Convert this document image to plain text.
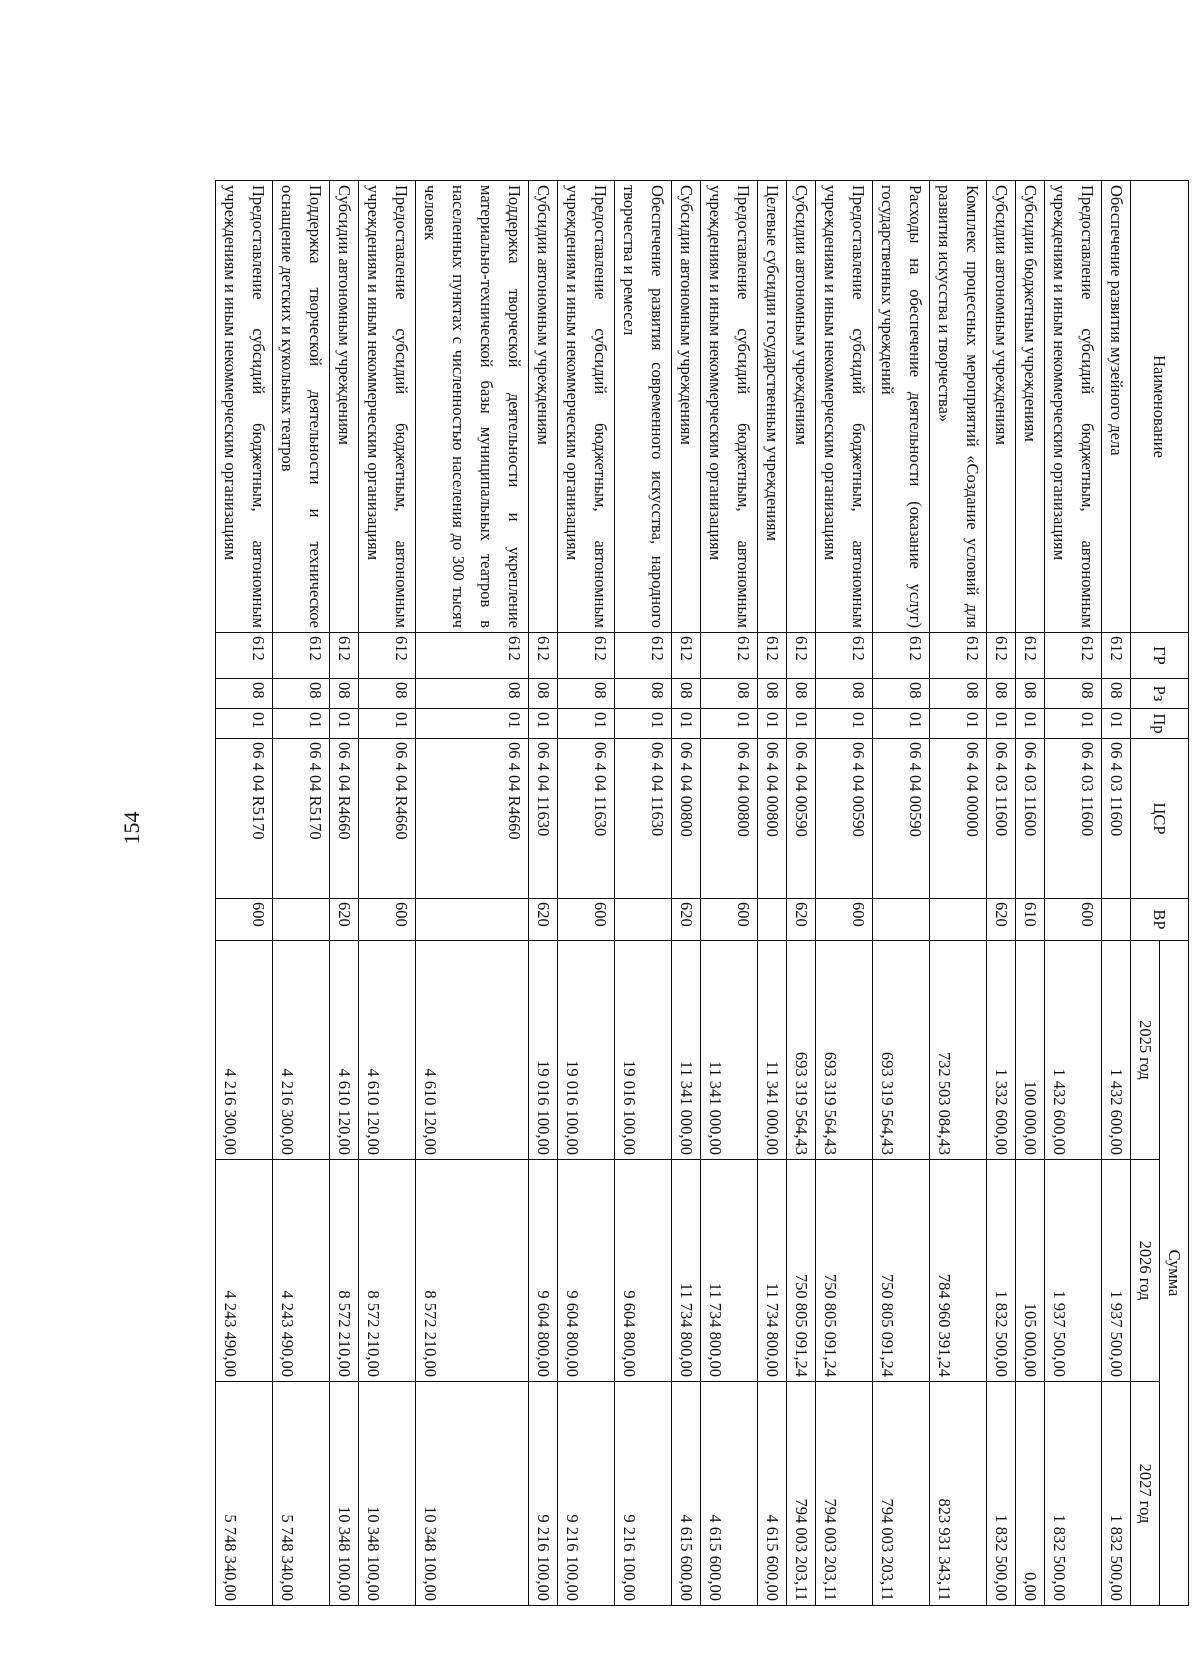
154
Наименование	ГР	Рз	Пр	ЦСР	ВР	Сумма		
						2025 год	2026 год	2027 год
Обеспечение развития музейного дела	612	08	01	06 4 03 11600		1 432 600,00	1 937 500,00	1 832 500,00
Предоставление субсидий бюджетным, автономным учреждениям и иным некоммерческим организациям	612	08	01	06 4 03 11600	600	1 432 600,00	1 937 500,00	1 832 500,00
Субсидии бюджетным учреждениям	612	08	01	06 4 03 11600	610	100 000,00	105 000,00	0,00
Субсидии автономным учреждениям	612	08	01	06 4 03 11600	620	1 332 600,00	1 832 500,00	1 832 500,00
Комплекс процессных мероприятий «Создание условий для развития искусства и творчества»	612	08	01	06 4 04 00000		732 503 084,43	784 960 391,24	823 931 343,11
Расходы на обеспечение деятельности (оказание услуг) государственных учреждений	612	08	01	06 4 04 00590		693 319 564,43	750 805 091,24	794 003 203,11
Предоставление субсидий бюджетным, автономным учреждениям и иным некоммерческим организациям	612	08	01	06 4 04 00590	600	693 319 564,43	750 805 091,24	794 003 203,11
Субсидии автономным учреждениям	612	08	01	06 4 04 00590	620	693 319 564,43	750 805 091,24	794 003 203,11
Целевые субсидии государственным учреждениям	612	08	01	06 4 04 00800		11 341 000,00	11 734 800,00	4 615 600,00
Предоставление субсидий бюджетным, автономным учреждениям и иным некоммерческим организациям	612	08	01	06 4 04 00800	600	11 341 000,00	11 734 800,00	4 615 600,00
Субсидии автономным учреждениям	612	08	01	06 4 04 00800	620	11 341 000,00	11 734 800,00	4 615 600,00
Обеспечение развития современного искусства, народного творчества и ремесел	612	08	01	06 4 04 11630		19 016 100,00	9 604 800,00	9 216 100,00
Предоставление субсидий бюджетным, автономным учреждениям и иным некоммерческим организациям	612	08	01	06 4 04 11630	600	19 016 100,00	9 604 800,00	9 216 100,00
Субсидии автономным учреждениям	612	08	01	06 4 04 11630	620	19 016 100,00	9 604 800,00	9 216 100,00
Поддержка творческой деятельности и укрепление материально-технической базы муниципальных театров в населенных пунктах с численностью населения до 300 тысяч человек	612	08	01	06 4 04 R4660		4 610 120,00	8 572 210,00	10 348 100,00
Предоставление субсидий бюджетным, автономным учреждениям и иным некоммерческим организациям	612	08	01	06 4 04 R4660	600	4 610 120,00	8 572 210,00	10 348 100,00
Субсидии автономным учреждениям	612	08	01	06 4 04 R4660	620	4 610 120,00	8 572 210,00	10 348 100,00
Поддержка творческой деятельности и техническое оснащение детских и кукольных театров	612	08	01	06 4 04 R5170		4 216 300,00	4 243 490,00	5 748 340,00
Предоставление субсидий бюджетным, автономным учреждениям и иным некоммерческим организациям	612	08	01	06 4 04 R5170	600	4 216 300,00	4 243 490,00	5 748 340,00
